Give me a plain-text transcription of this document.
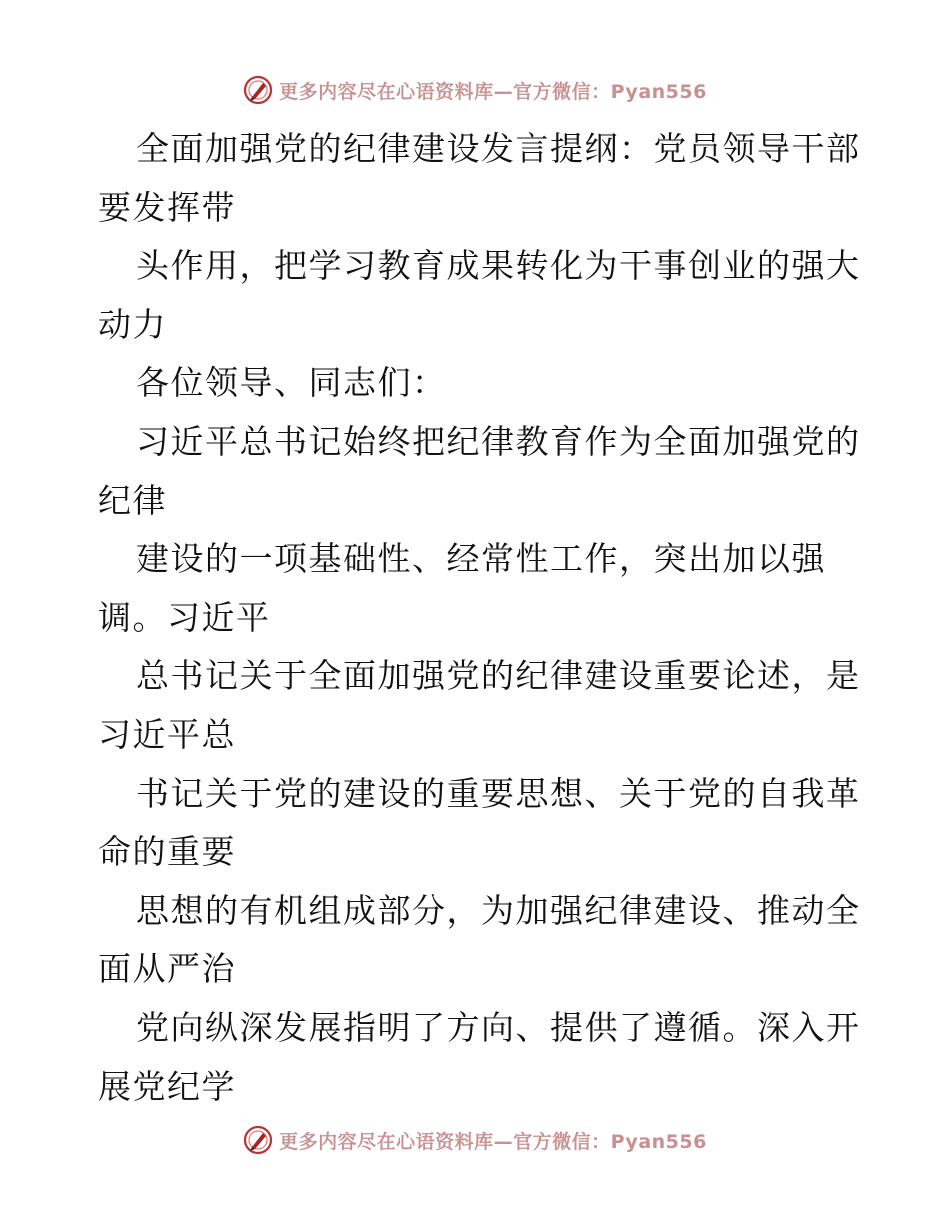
更多内容尽在心语资料库—官方微信：Pyan556
全面加强党的纪律建设发言提纲：党员领导干部
要发挥带
头作用，把学习教育成果转化为干事创业的强大
动力
各位领导、同志们：
习近平总书记始终把纪律教育作为全面加强党的
纪律
建设的一项基础性、经常性工作，突出加以强
调。习近平
总书记关于全面加强党的纪律建设重要论述，是
习近平总
书记关于党的建设的重要思想、关于党的自我革
命的重要
思想的有机组成部分，为加强纪律建设、推动全
面从严治
党向纵深发展指明了方向、提供了遵循。深入开
展党纪学
更多内容尽在心语资料库—官方微信：Pyan556
